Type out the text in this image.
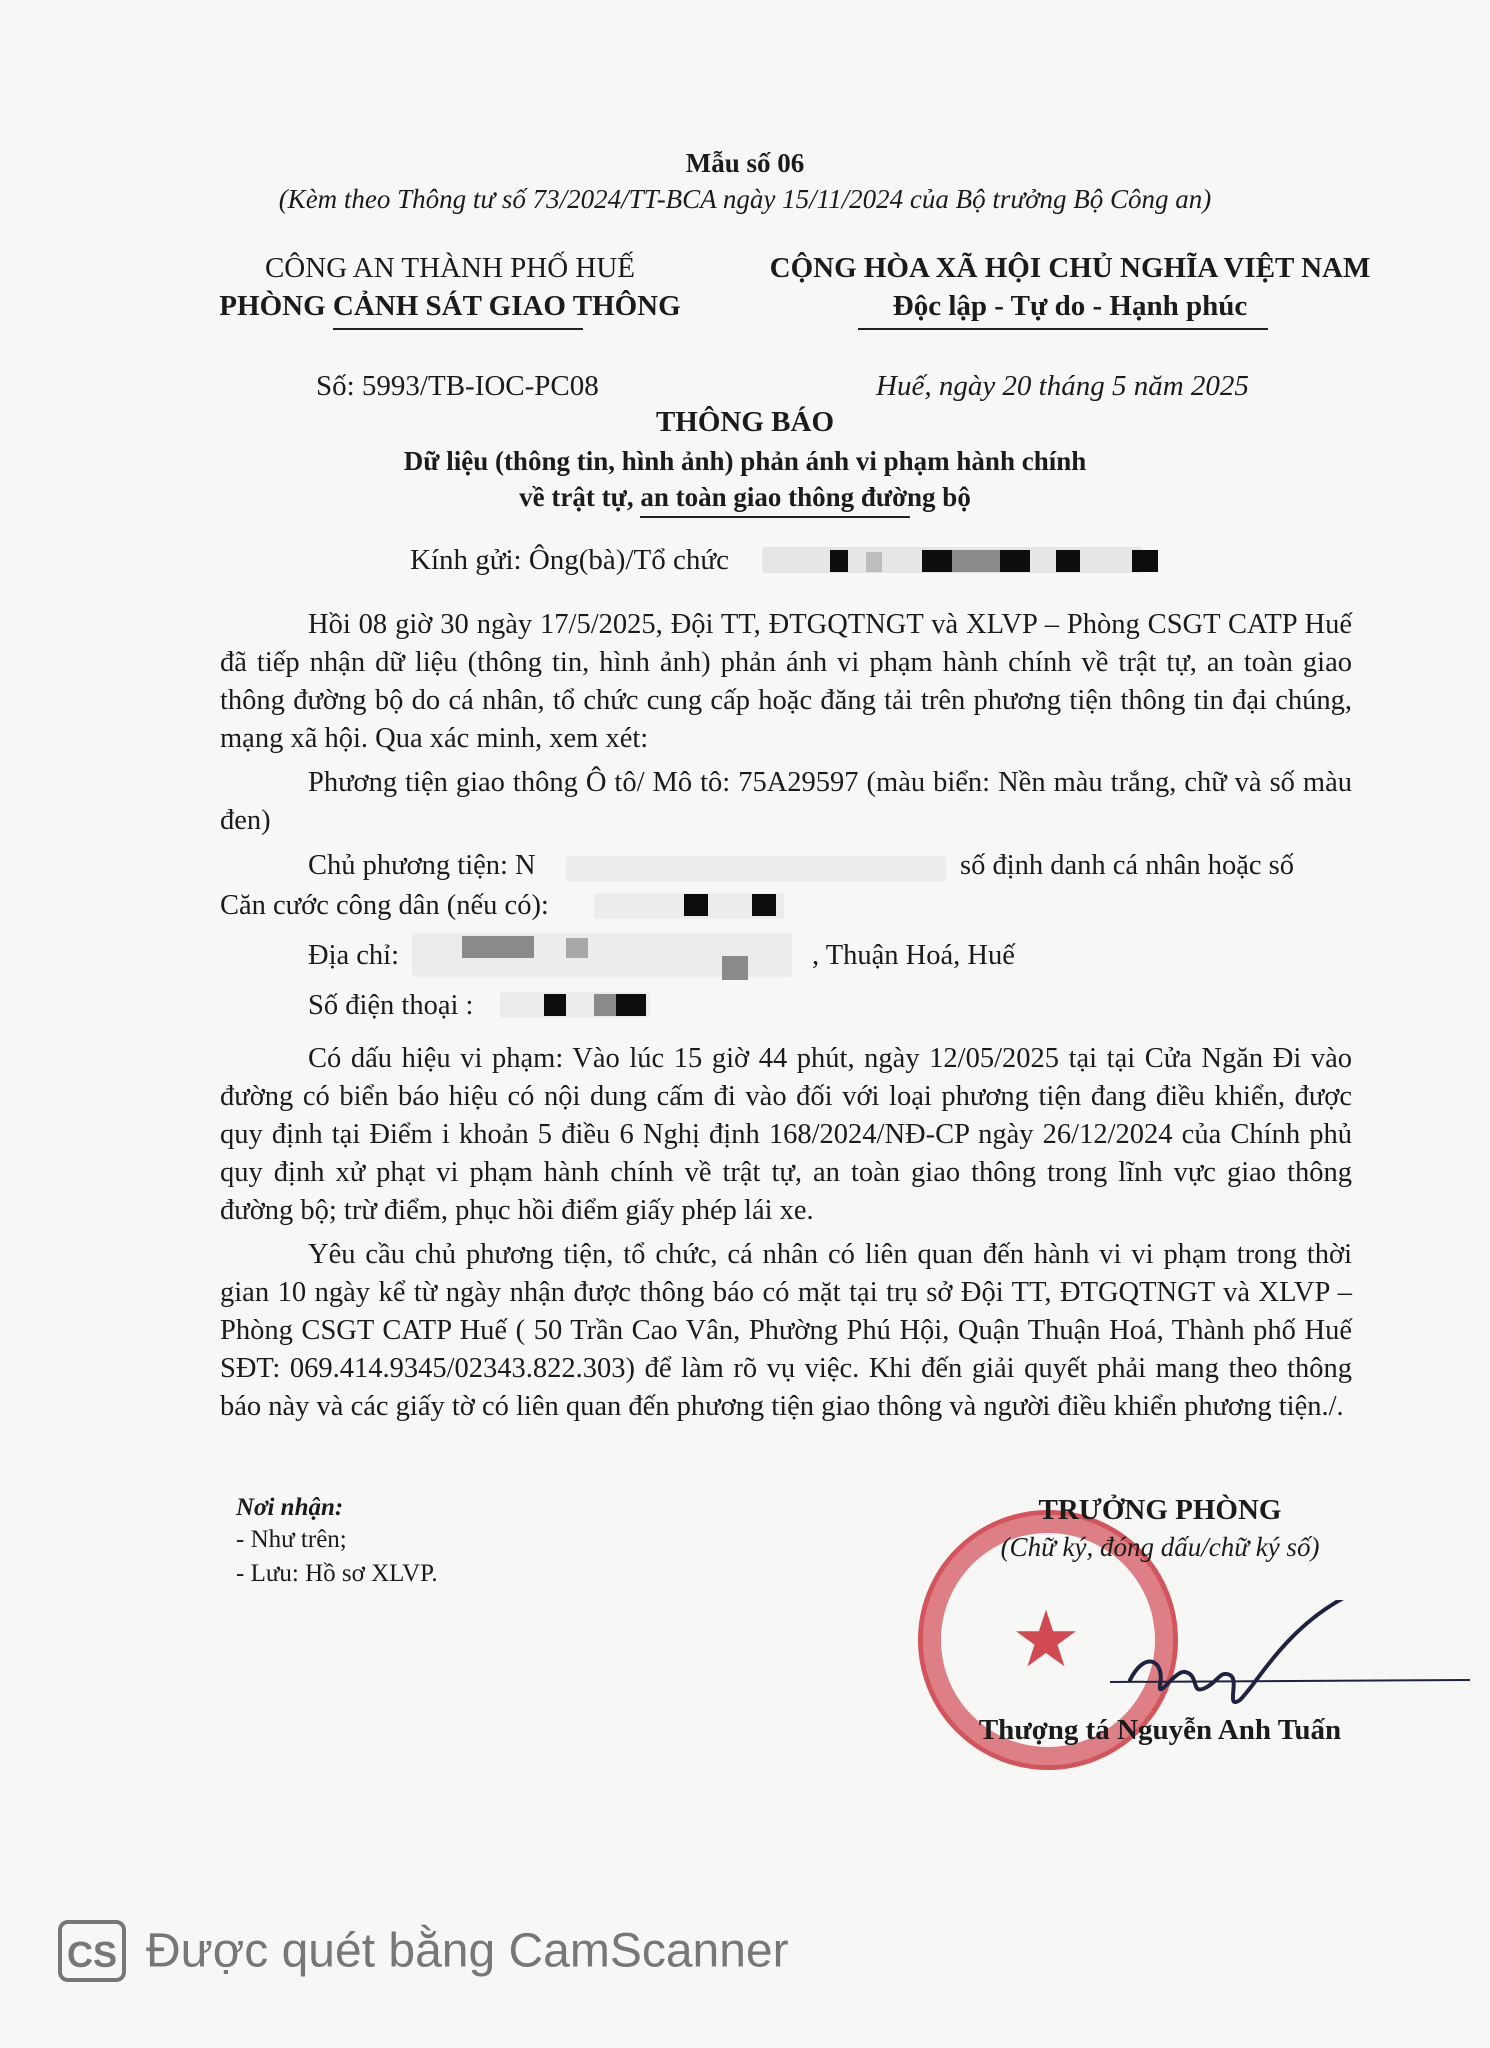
Mẫu số 06
(Kèm theo Thông tư số 73/2024/TT-BCA ngày 15/11/2024 của Bộ trưởng Bộ Công an)
CÔNG AN THÀNH PHỐ HUẾ
PHÒNG CẢNH SÁT GIAO THÔNG
CỘNG HÒA XÃ HỘI CHỦ NGHĨA VIỆT NAM
Độc lập - Tự do - Hạnh phúc
Số: 5993/TB-IOC-PC08	Huế, ngày 20 tháng 5 năm 2025
THÔNG BÁO
Dữ liệu (thông tin, hình ảnh) phản ánh vi phạm hành chính
về trật tự, an toàn giao thông đường bộ
Kính gửi: Ông(bà)/Tổ chức

Hồi 08 giờ 30 ngày 17/5/2025, Đội TT, ĐTGQTNGT và XLVP – Phòng CSGT CATP Huế đã tiếp nhận dữ liệu (thông tin, hình ảnh) phản ánh vi phạm hành chính về trật tự, an toàn giao thông đường bộ do cá nhân, tổ chức cung cấp hoặc đăng tải trên phương tiện thông tin đại chúng, mạng xã hội. Qua xác minh, xem xét:

Phương tiện giao thông Ô tô/ Mô tô: 75A29597 (màu biển: Nền màu trắng, chữ và số màu đen)

Chủ phương tiện: N	số định danh cá nhân hoặc số
Căn cước công dân (nếu có):
Địa chỉ:	, Thuận Hoá, Huế
Số điện thoại :

Có dấu hiệu vi phạm: Vào lúc 15 giờ 44 phút, ngày 12/05/2025 tại tại Cửa Ngăn Đi vào đường có biển báo hiệu có nội dung cấm đi vào đối với loại phương tiện đang điều khiển, được quy định tại Điểm i khoản 5 điều 6 Nghị định 168/2024/NĐ-CP ngày 26/12/2024 của Chính phủ quy định xử phạt vi phạm hành chính về trật tự, an toàn giao thông trong lĩnh vực giao thông đường bộ; trừ điểm, phục hồi điểm giấy phép lái xe.

Yêu cầu chủ phương tiện, tổ chức, cá nhân có liên quan đến hành vi vi phạm trong thời gian 10 ngày kể từ ngày nhận được thông báo có mặt tại trụ sở Đội TT, ĐTGQTNGT và XLVP – Phòng CSGT CATP Huế ( 50 Trần Cao Vân, Phường Phú Hội, Quận Thuận Hoá, Thành phố Huế SĐT: 069.414.9345/02343.822.303) để làm rõ vụ việc. Khi đến giải quyết phải mang theo thông báo này và các giấy tờ có liên quan đến phương tiện giao thông và người điều khiển phương tiện./.

Nơi nhận:
- Như trên;
- Lưu: Hồ sơ XLVP.
★
TRƯỞNG PHÒNG
(Chữ ký, đóng dấu/chữ ký số)
Thượng tá Nguyễn Anh Tuấn
CS Được quét bằng CamScanner
